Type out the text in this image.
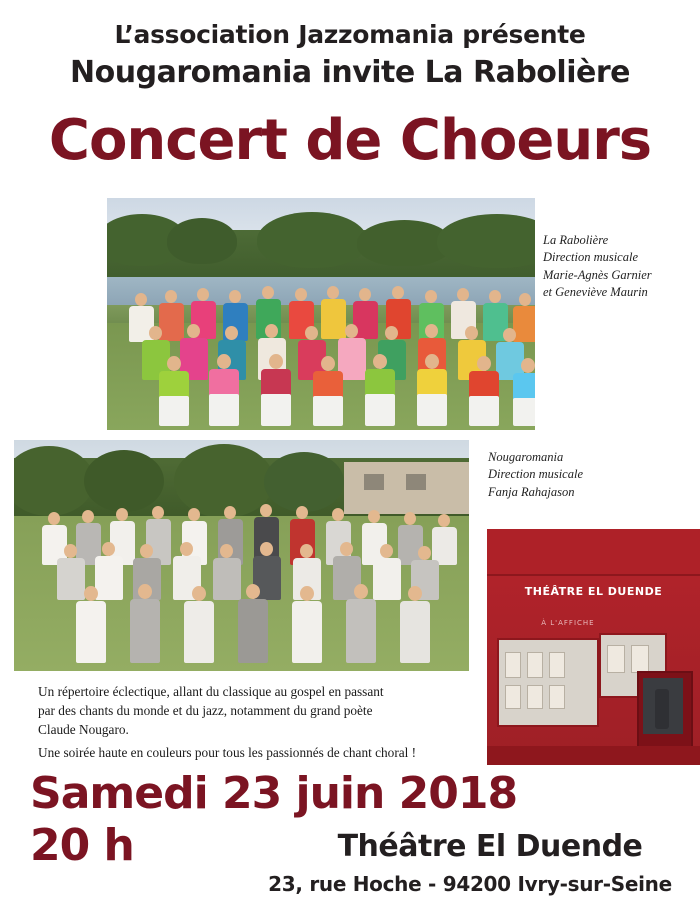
L’association Jazzomania présente
Nougaromania invite La Rabolière
Concert de Choeurs
La Rabolière
Direction musicale
Marie-Agnès Garnier
et Geneviève Maurin
Nougaromania
Direction musicale
Fanja Rahajason
THÉÂTRE EL DUENDE
À L'AFFICHE

Un répertoire éclectique, allant du classique au gospel en passant

par des chants du monde et du jazz, notamment du grand poète

Claude Nougaro.

Une soirée haute en couleurs pour tous les passionnés de chant choral !

Samedi 23 juin 2018
20 h	Théâtre El Duende
23, rue Hoche - 94200 Ivry-sur-Seine
